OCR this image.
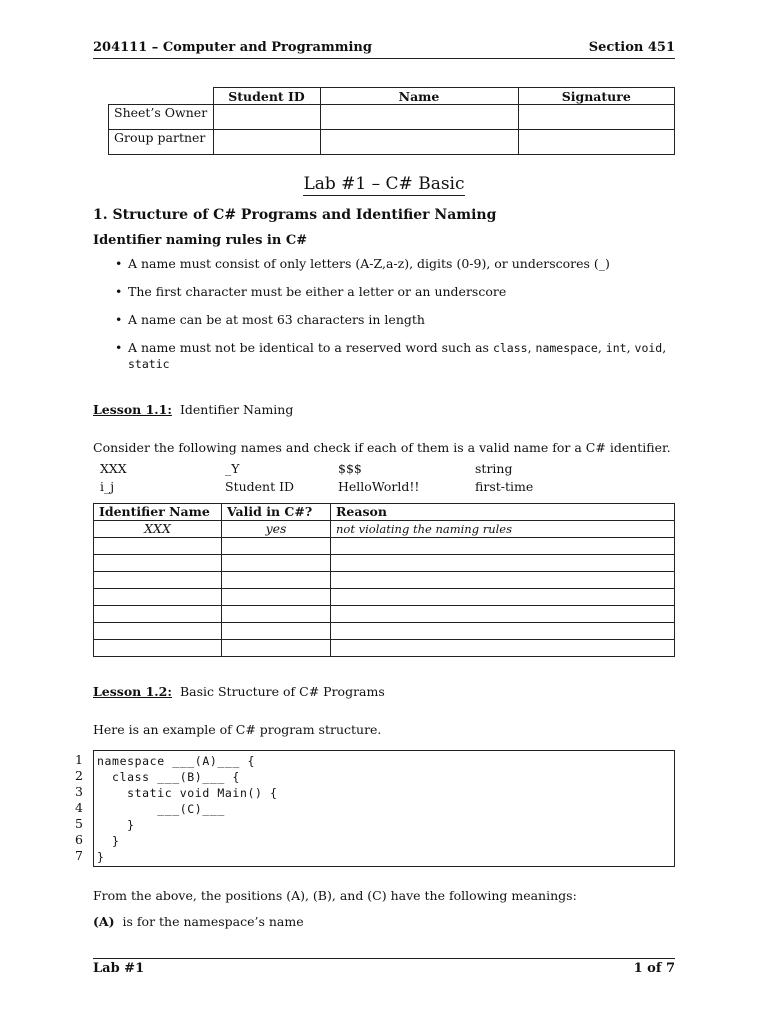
204111 – Computer and Programming	Section 451
	Student ID	Name	Signature
Sheet’s Owner			
Group partner			
Lab #1 – C# Basic
1. Structure of C# Programs and Identifier Naming
Identifier naming rules in C#
• A name must consist of only letters (A-Z,a-z), digits (0-9), or underscores (_)
• The first character must be either a letter or an underscore
• A name can be at most 63 characters in length
• A name must not be identical to a reserved word such as class, namespace, int, void, static
Lesson 1.1: Identifier Naming
Consider the following names and check if each of them is a valid name for a C# identifier.
XXX	_Y	$$$	string
i_j	Student ID	HelloWorld!!	first-time
Identifier Name	Valid in C#?	Reason
XXX	yes	not violating the naming rules

Lesson 1.2: Basic Structure of C# Programs
Here is an example of C# program structure.
1
2
3
4
5
6
7
namespace ___(A)___ {
class ___(B)___ {
static void Main() {
___(C)___
}
}
}
From the above, the positions (A), (B), and (C) have the following meanings:
(A) is for the namespace’s name
Lab #1	1 of 7
